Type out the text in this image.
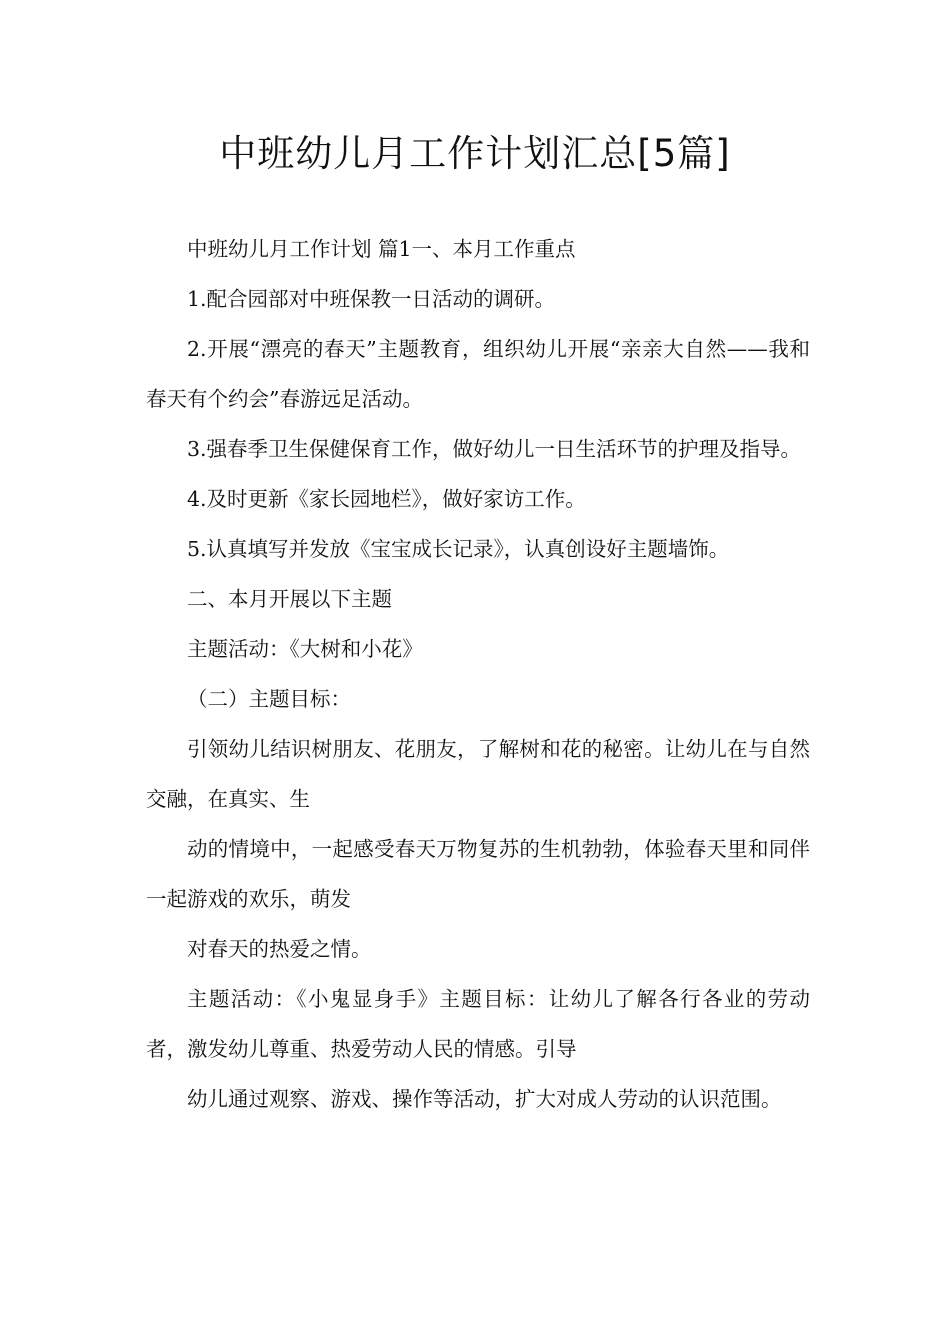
中班幼儿月工作计划汇总[5篇]

中班幼儿月工作计划 篇1一、本月工作重点

1.配合园部对中班保教一日活动的调研。

2.开展“漂亮的春天”主题教育，组织幼儿开展“亲亲大自然——我和春天有个约会”春游远足活动。

3.强春季卫生保健保育工作，做好幼儿一日生活环节的护理及指导。

4.及时更新《家长园地栏》，做好家访工作。

5.认真填写并发放《宝宝成长记录》，认真创设好主题墙饰。

二、本月开展以下主题

主题活动：《大树和小花》

（二）主题目标：

引领幼儿结识树朋友、花朋友，了解树和花的秘密。让幼儿在与自然交融，在真实、生

动的情境中，一起感受春天万物复苏的生机勃勃，体验春天里和同伴一起游戏的欢乐，萌发

对春天的热爱之情。

主题活动：《小鬼显身手》主题目标：让幼儿了解各行各业的劳动者，激发幼儿尊重、热爱劳动人民的情感。引导

幼儿通过观察、游戏、操作等活动，扩大对成人劳动的认识范围。
